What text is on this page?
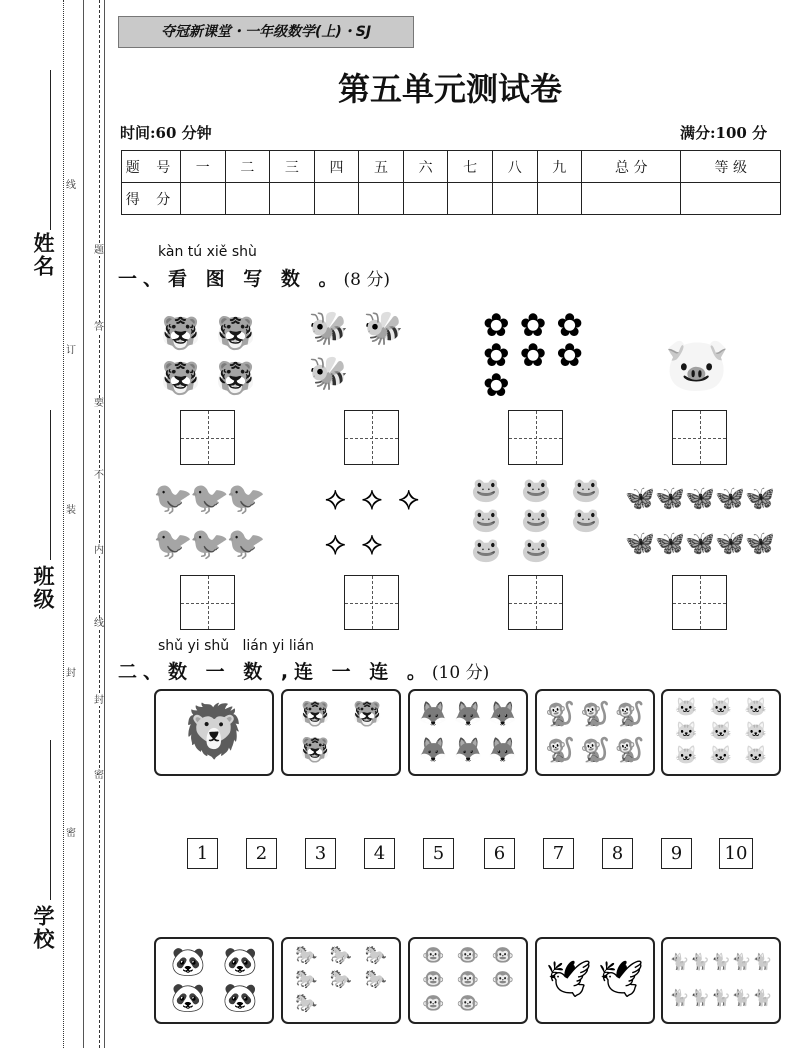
姓名
班级
学校
线
题
答
订
要
装
不
内
线
封
封
密
密
夺冠新课堂・一年级数学(上)・SJ
第五单元测试卷
时间:60 分钟	满分:100 分
题 号	一	二	三	四	五	六	七	八	九	总 分	等 级
得 分											
kàn tú xiě shù
一、看 图 写 数 。(8 分)
🐯 🐯
🐯 🐯
🐝 🐝
🐝
✿ ✿ ✿
✿ ✿ ✿
✿	🐷
🐦
🐦
🐦
🐦
🐦
🐦
⟡ ⟡ ⟡
⟡ ⟡
🐸 🐸 🐸
🐸 🐸 🐸
🐸 🐸
🦋 🦋 🦋 🦋 🦋
🦋 🦋 🦋 🦋 🦋
shǔ yi shǔ   lián yi lián
二、数 一 数 ,连 一 连 。(10 分)
1	2	3	4	5	6	7	8	9	10
🦁	🐯 🐯
🐯
🦊 🦊 🦊
🦊 🦊 🦊
🐒 🐒 🐒
🐒 🐒 🐒
🐱 🐱 🐱
🐱 🐱 🐱
🐱 🐱 🐱
🐼 🐼
🐼 🐼
🐎 🐎 🐎
🐎 🐎 🐎
🐎
🐵 🐵 🐵
🐵 🐵 🐵
🐵 🐵
🕊 🕊 🐈 🐈 🐈 🐈 🐈
🐈 🐈 🐈 🐈 🐈
